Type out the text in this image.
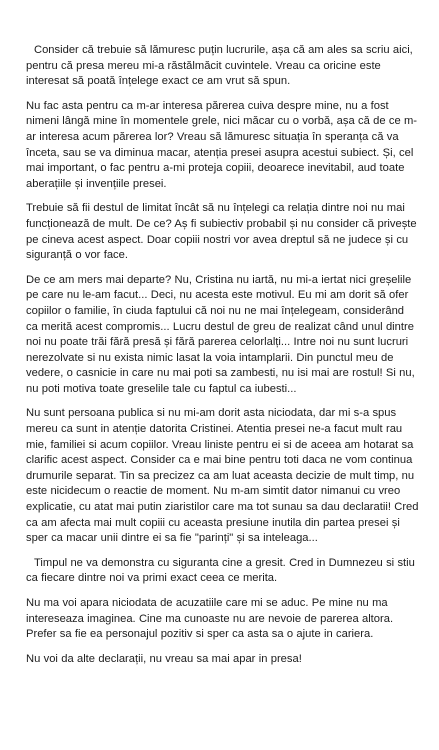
Consider că trebuie să lămuresc puțin lucrurile, așa că am ales sa scriu aici, pentru că presa mereu mi-a răstălmăcit cuvintele. Vreau ca oricine este interesat să poată înțelege exact ce am vrut să spun.

Nu fac asta pentru ca m-ar interesa părerea cuiva despre mine, nu a fost nimeni lângă mine în momentele grele, nici măcar cu o vorbă, așa că de ce m-ar interesa acum părerea lor? Vreau să lămuresc situația în speranța că va înceta, sau se va diminua macar, atenția presei asupra acestui subiect. Și, cel mai important, o fac pentru a-mi proteja copiii, deoarece inevitabil, aud toate aberațiile și invențiile presei.

Trebuie să fii destul de limitat încât să nu înțelegi ca relația dintre noi nu mai funcționează de mult. De ce? Aș fi subiectiv probabil și nu consider că privește pe cineva acest aspect. Doar copiii nostri vor avea dreptul să ne judece și cu siguranță o vor face.

De ce am mers mai departe? Nu, Cristina nu iartă, nu mi-a iertat nici greșelile pe care nu le-am facut... Deci, nu acesta este motivul. Eu mi am dorit să ofer copiilor o familie, în ciuda faptului că noi nu ne mai înțelegeam, considerând ca merită acest compromis... Lucru destul de greu de realizat când unul dintre noi nu poate trăi fără presă și fără parerea celorlalți... Intre noi nu sunt lucruri nerezolvate si nu exista nimic lasat la voia intamplarii. Din punctul meu de vedere, o casnicie in care nu mai poti sa zambesti, nu isi mai are rostul! Si nu, nu poti motiva toate greselile tale cu faptul ca iubesti...

Nu sunt persoana publica si nu mi-am dorit asta niciodata, dar mi s-a spus mereu ca sunt in atenție datorita Cristinei. Atentia presei ne-a facut mult rau mie, familiei si acum copiilor. Vreau liniste pentru ei si de aceea am hotarat sa clarific acest aspect. Consider ca e mai bine pentru toti daca ne vom continua drumurile separat. Tin sa precizez ca am luat aceasta decizie de mult timp, nu este nicidecum o reactie de moment. Nu m-am simtit dator nimanui cu vreo explicatie, cu atat mai putin ziaristilor care ma tot sunau sa dau declaratii! Cred ca am afecta mai mult copiii cu aceasta presiune inutila din partea presei și sper ca macar unii dintre ei sa fie "parinți" și sa inteleaga...

Timpul ne va demonstra cu siguranta cine a gresit. Cred in Dumnezeu si stiu ca fiecare dintre noi va primi exact ceea ce merita.

Nu ma voi apara niciodata de acuzatiile care mi se aduc. Pe mine nu ma intereseaza imaginea. Cine ma cunoaste nu are nevoie de parerea altora. Prefer sa fie ea personajul pozitiv si sper ca asta sa o ajute in cariera.

Nu voi da alte declarații, nu vreau sa mai apar in presa!
